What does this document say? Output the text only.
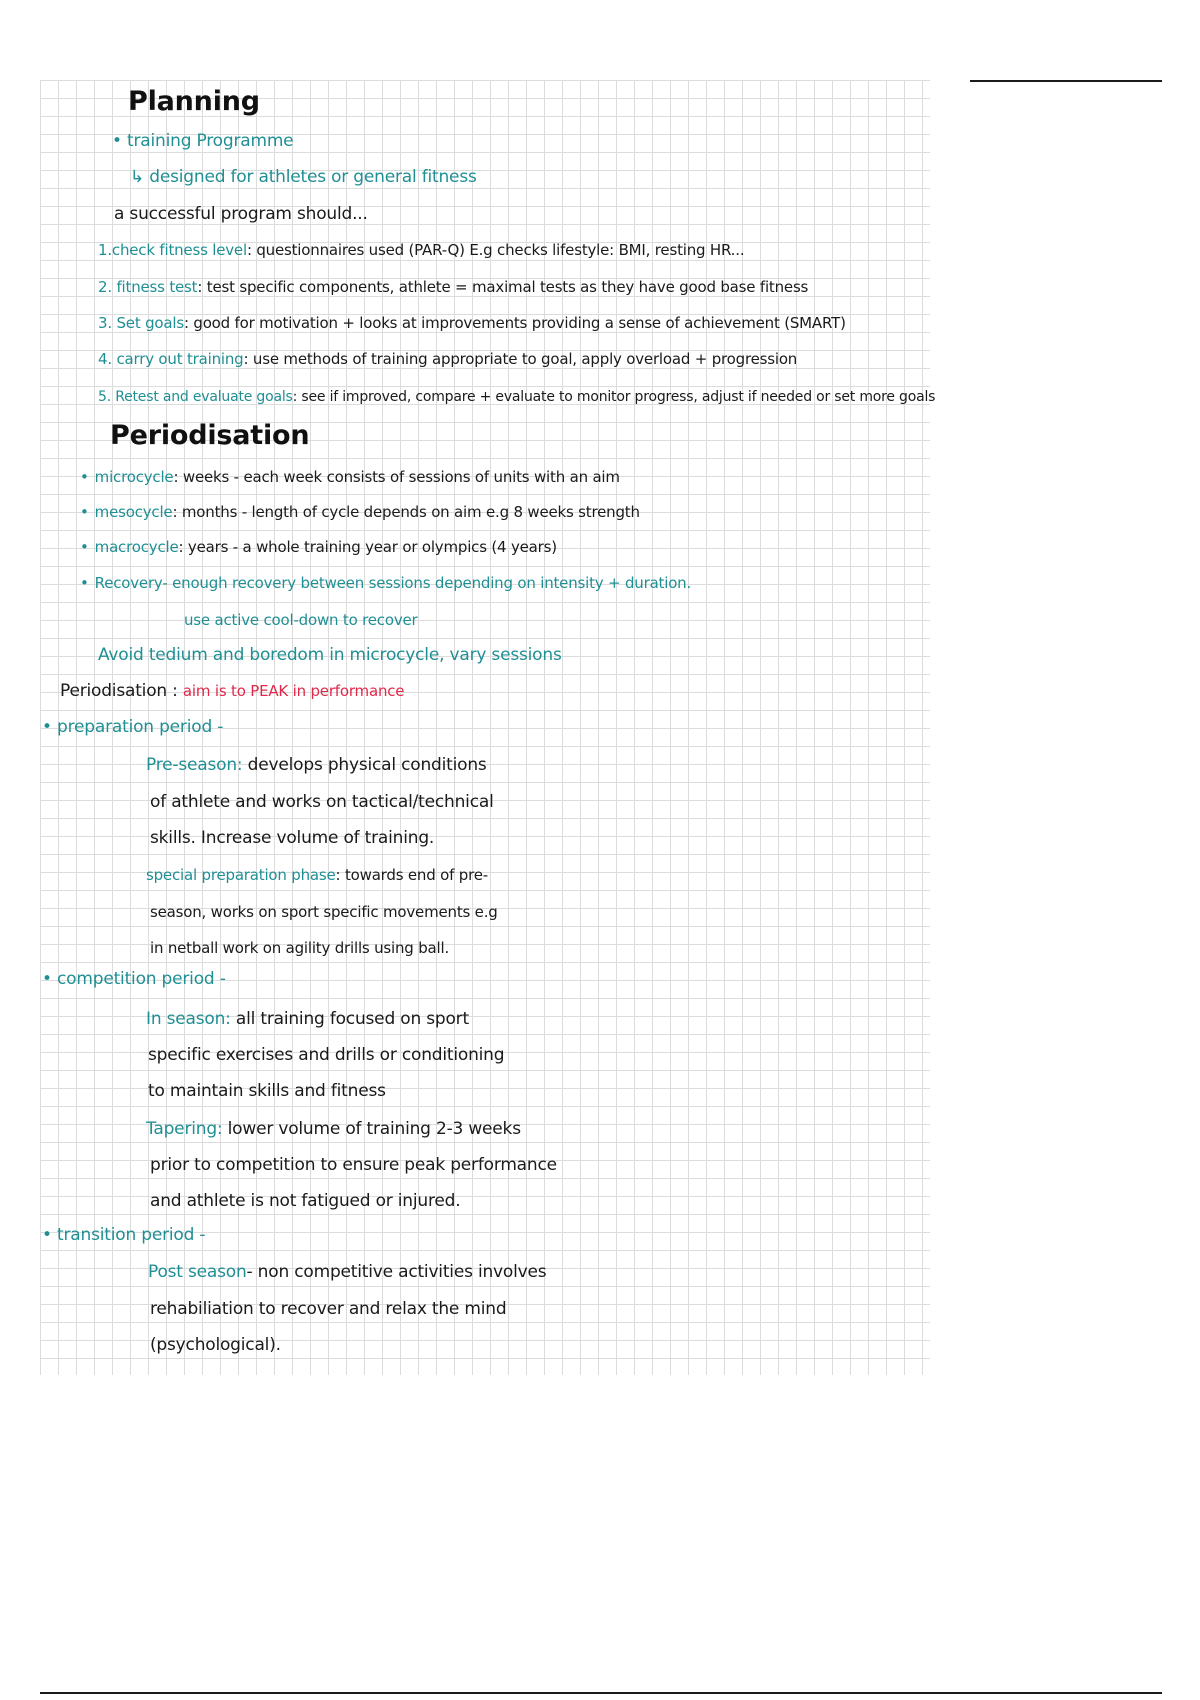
Planning
• training Programme
↳ designed for athletes or general fitness
a successful program should...
1.check fitness level: questionnaires used (PAR-Q) E.g checks lifestyle: BMI, resting HR...
2. fitness test: test specific components, athlete = maximal tests as they have good base fitness
3. Set goals: good for motivation + looks at improvements providing a sense of achievement (SMART)
4. carry out training: use methods of training appropriate to goal, apply overload + progression
5. Retest and evaluate goals: see if improved, compare + evaluate to monitor progress, adjust if needed or set more goals
Periodisation
• microcycle: weeks - each week consists of sessions of units with an aim
• mesocycle: months - length of cycle depends on aim e.g 8 weeks strength
• macrocycle: years - a whole training year or olympics (4 years)
• Recovery- enough recovery between sessions depending on intensity + duration.
use active cool-down to recover
Avoid tedium and boredom in microcycle, vary sessions
Periodisation : aim is to PEAK in performance
• preparation period -
Pre-season: develops physical conditions
of athlete and works on tactical/technical
skills. Increase volume of training.
special preparation phase: towards end of pre-
season, works on sport specific movements e.g
in netball work on agility drills using ball.
• competition period -
In season: all training focused on sport
specific exercises and drills or conditioning
to maintain skills and fitness
Tapering: lower volume of training 2-3 weeks
prior to competition to ensure peak performance
and athlete is not fatigued or injured.
• transition period -
Post season- non competitive activities involves
rehabiliation to recover and relax the mind
(psychological).
